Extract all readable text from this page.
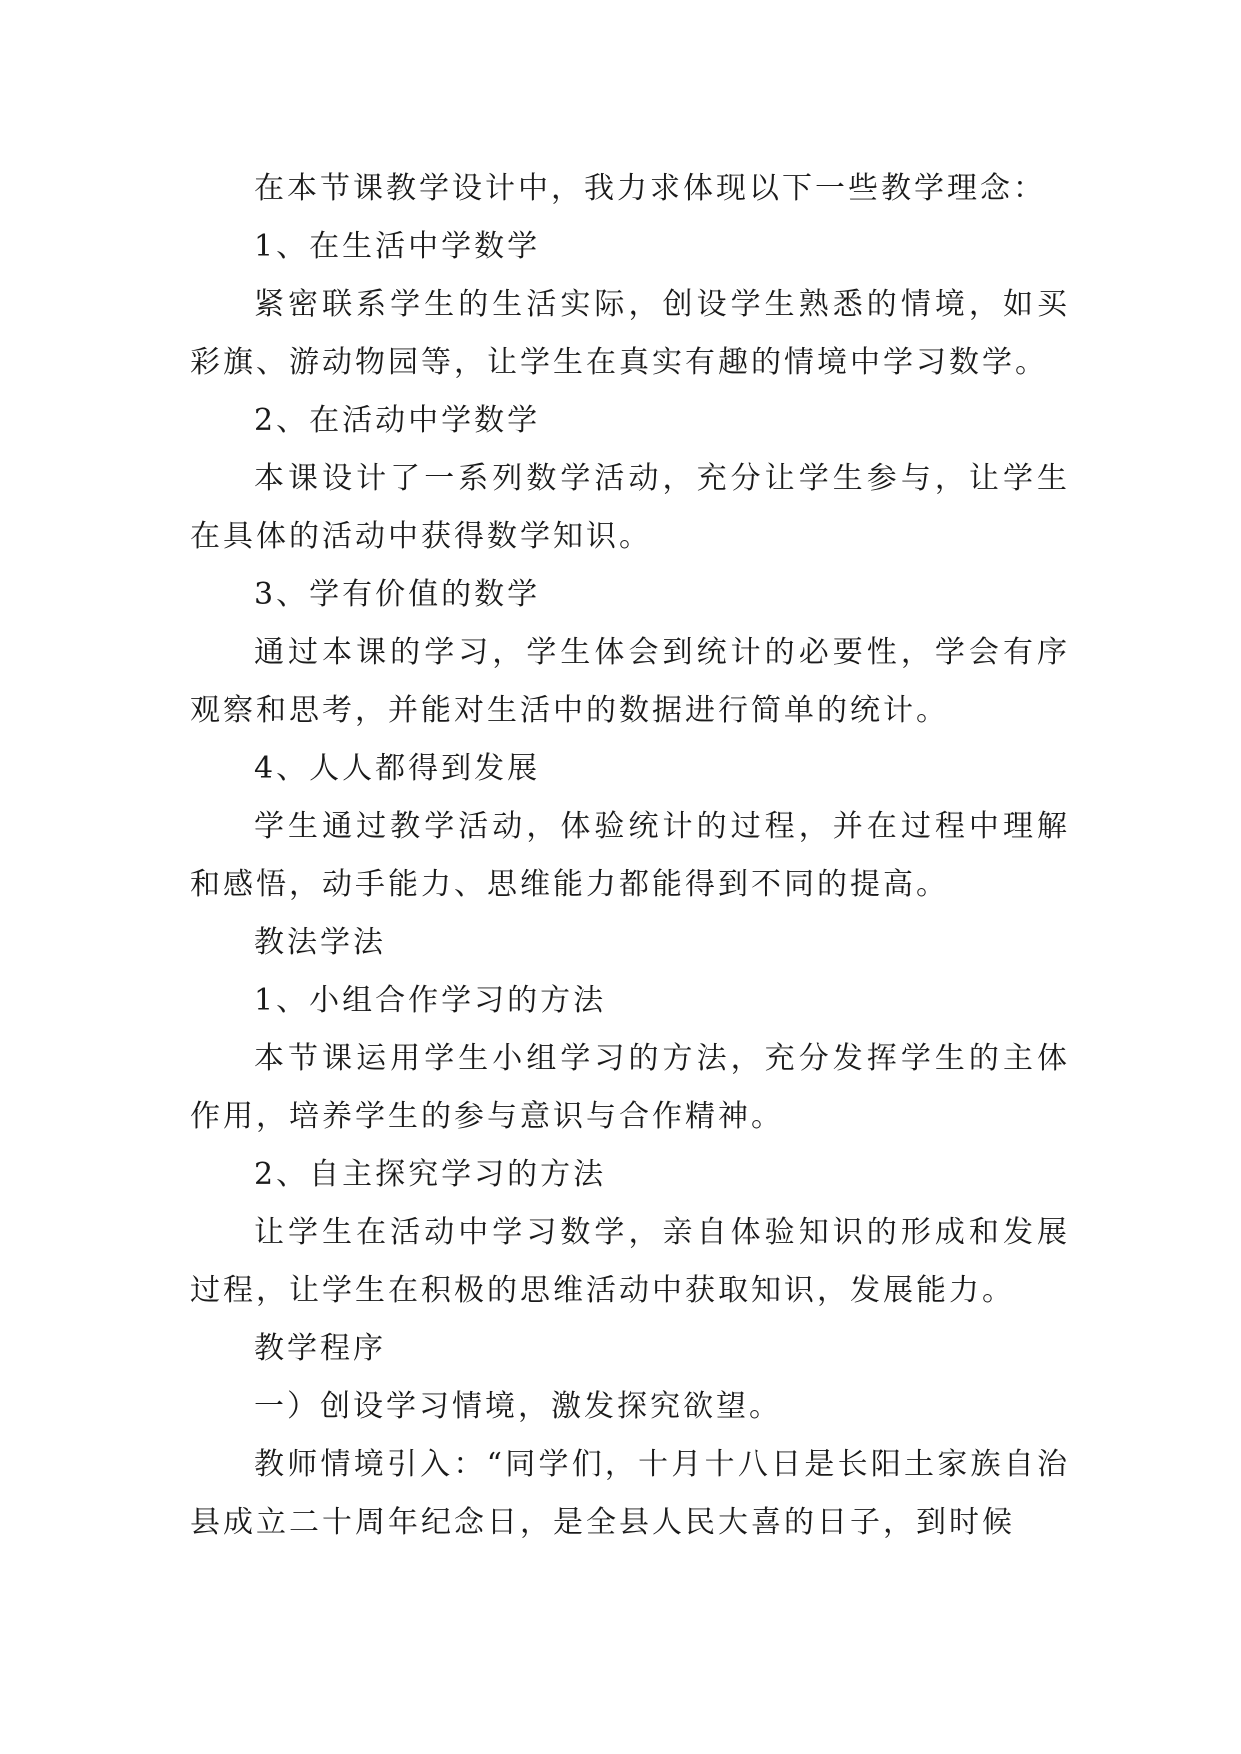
在本节课教学设计中，我力求体现以下一些教学理念：

1、在生活中学数学

紧密联系学生的生活实际，创设学生熟悉的情境，如买彩旗、游动物园等，让学生在真实有趣的情境中学习数学。

2、在活动中学数学

本课设计了一系列数学活动，充分让学生参与，让学生在具体的活动中获得数学知识。

3、学有价值的数学

通过本课的学习，学生体会到统计的必要性，学会有序观察和思考，并能对生活中的数据进行简单的统计。

4、人人都得到发展

学生通过教学活动，体验统计的过程，并在过程中理解和感悟，动手能力、思维能力都能得到不同的提高。

教法学法

1、小组合作学习的方法

本节课运用学生小组学习的方法，充分发挥学生的主体作用，培养学生的参与意识与合作精神。

2、自主探究学习的方法

让学生在活动中学习数学，亲自体验知识的形成和发展过程，让学生在积极的思维活动中获取知识，发展能力。

教学程序

一）创设学习情境，激发探究欲望。

教师情境引入：“同学们，十月十八日是长阳土家族自治县成立二十周年纪念日，是全县人民大喜的日子，到时候
